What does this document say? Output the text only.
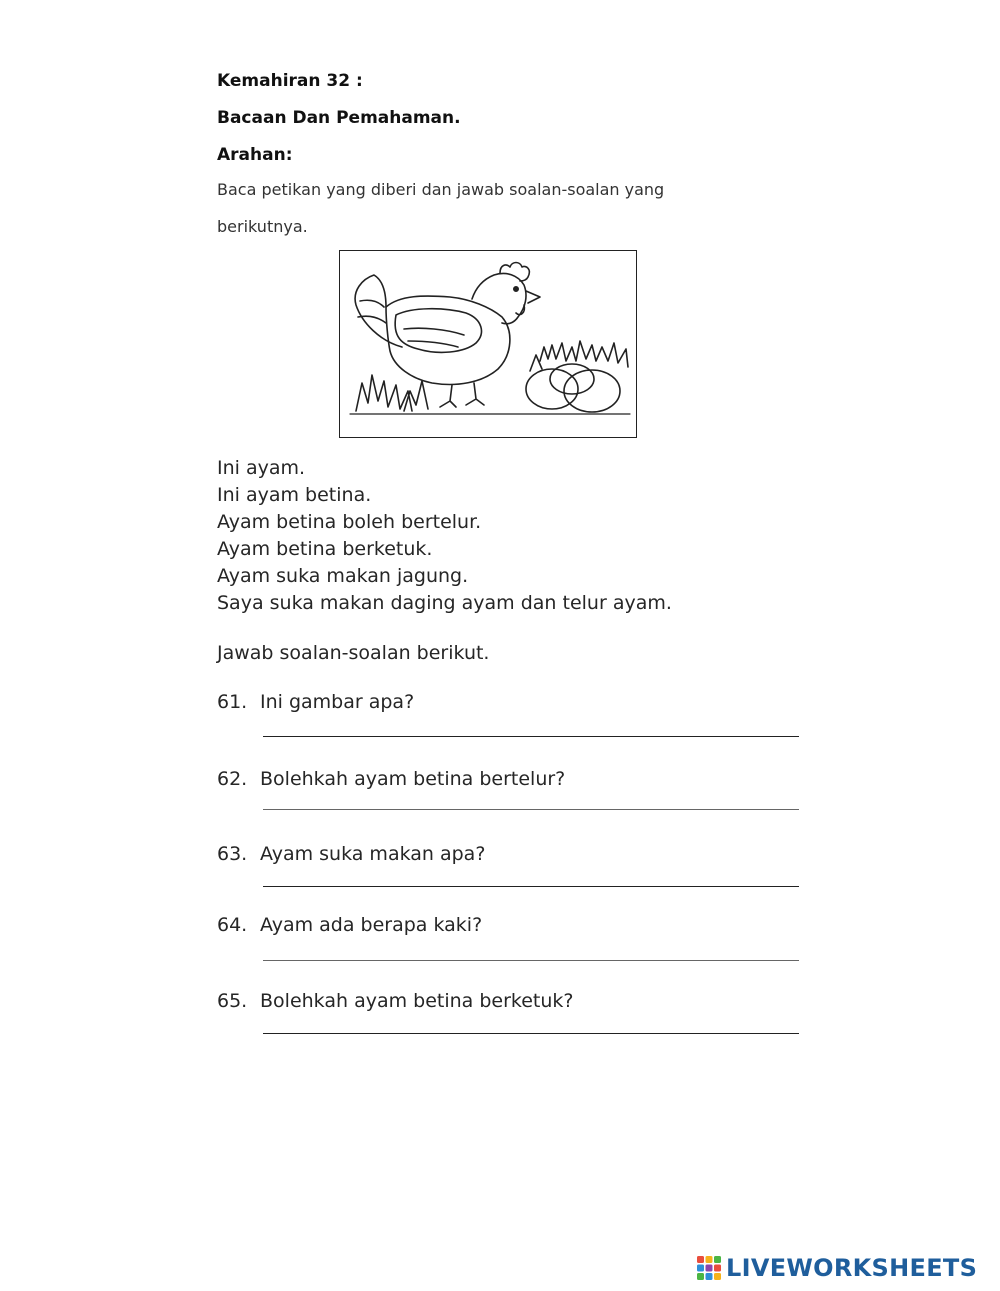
Kemahiran 32 :
Bacaan Dan Pemahaman.
Arahan:
Baca petikan yang diberi dan jawab soalan-soalan yang
berikutnya.
Ini ayam.
Ini ayam betina.
Ayam betina boleh bertelur.
Ayam betina berketuk.
Ayam suka makan jagung.
Saya suka makan daging ayam dan telur ayam.
Jawab soalan-soalan berikut.
61. Ini gambar apa?
62. Bolehkah ayam betina bertelur?
63. Ayam suka makan apa?
64. Ayam ada berapa kaki?
65. Bolehkah ayam betina berketuk?
LIVEWORKSHEETS
